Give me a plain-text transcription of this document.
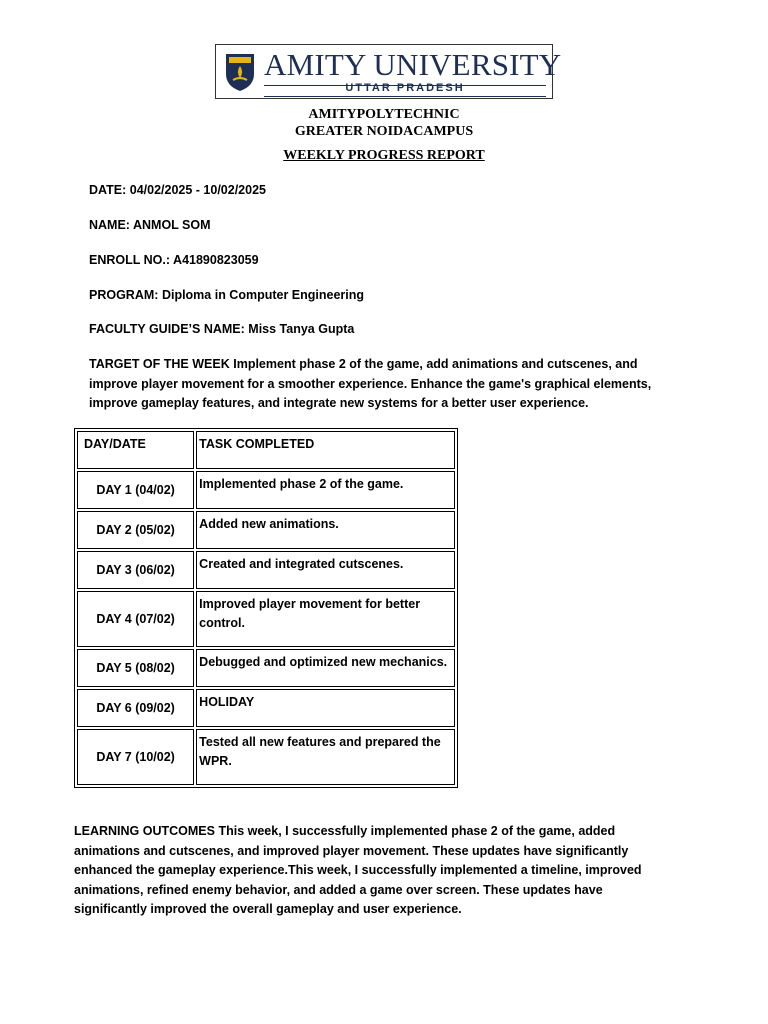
AMITY UNIVERSITY
UTTAR PRADESH
AMITYPOLYTECHNIC
GREATER NOIDACAMPUS
WEEKLY PROGRESS REPORT
DATE: 04/02/2025 - 10/02/2025
NAME: ANMOL SOM
ENROLL NO.: A41890823059
PROGRAM: Diploma in Computer Engineering
FACULTY GUIDE’S NAME: Miss Tanya Gupta
TARGET OF THE WEEK Implement phase 2 of the game, add animations and cutscenes, and improve player movement for a smoother experience. Enhance the game's graphical elements, improve gameplay features, and integrate new systems for a better user experience.
DAY/DATE	TASK COMPLETED
DAY 1 (04/02)	Implemented phase 2 of the game.
DAY 2 (05/02)	Added new animations.
DAY 3 (06/02)	Created and integrated cutscenes.
DAY 4 (07/02)	Improved player movement for better control.
DAY 5 (08/02)	Debugged and optimized new mechanics.
DAY 6 (09/02)	HOLIDAY
DAY 7 (10/02)	Tested all new features and prepared the WPR.
LEARNING OUTCOMES This week, I successfully implemented phase 2 of the game, added animations and cutscenes, and improved player movement. These updates have significantly enhanced the gameplay experience.This week, I successfully implemented a timeline, improved animations, refined enemy behavior, and added a game over screen. These updates have significantly improved the overall gameplay and user experience.
